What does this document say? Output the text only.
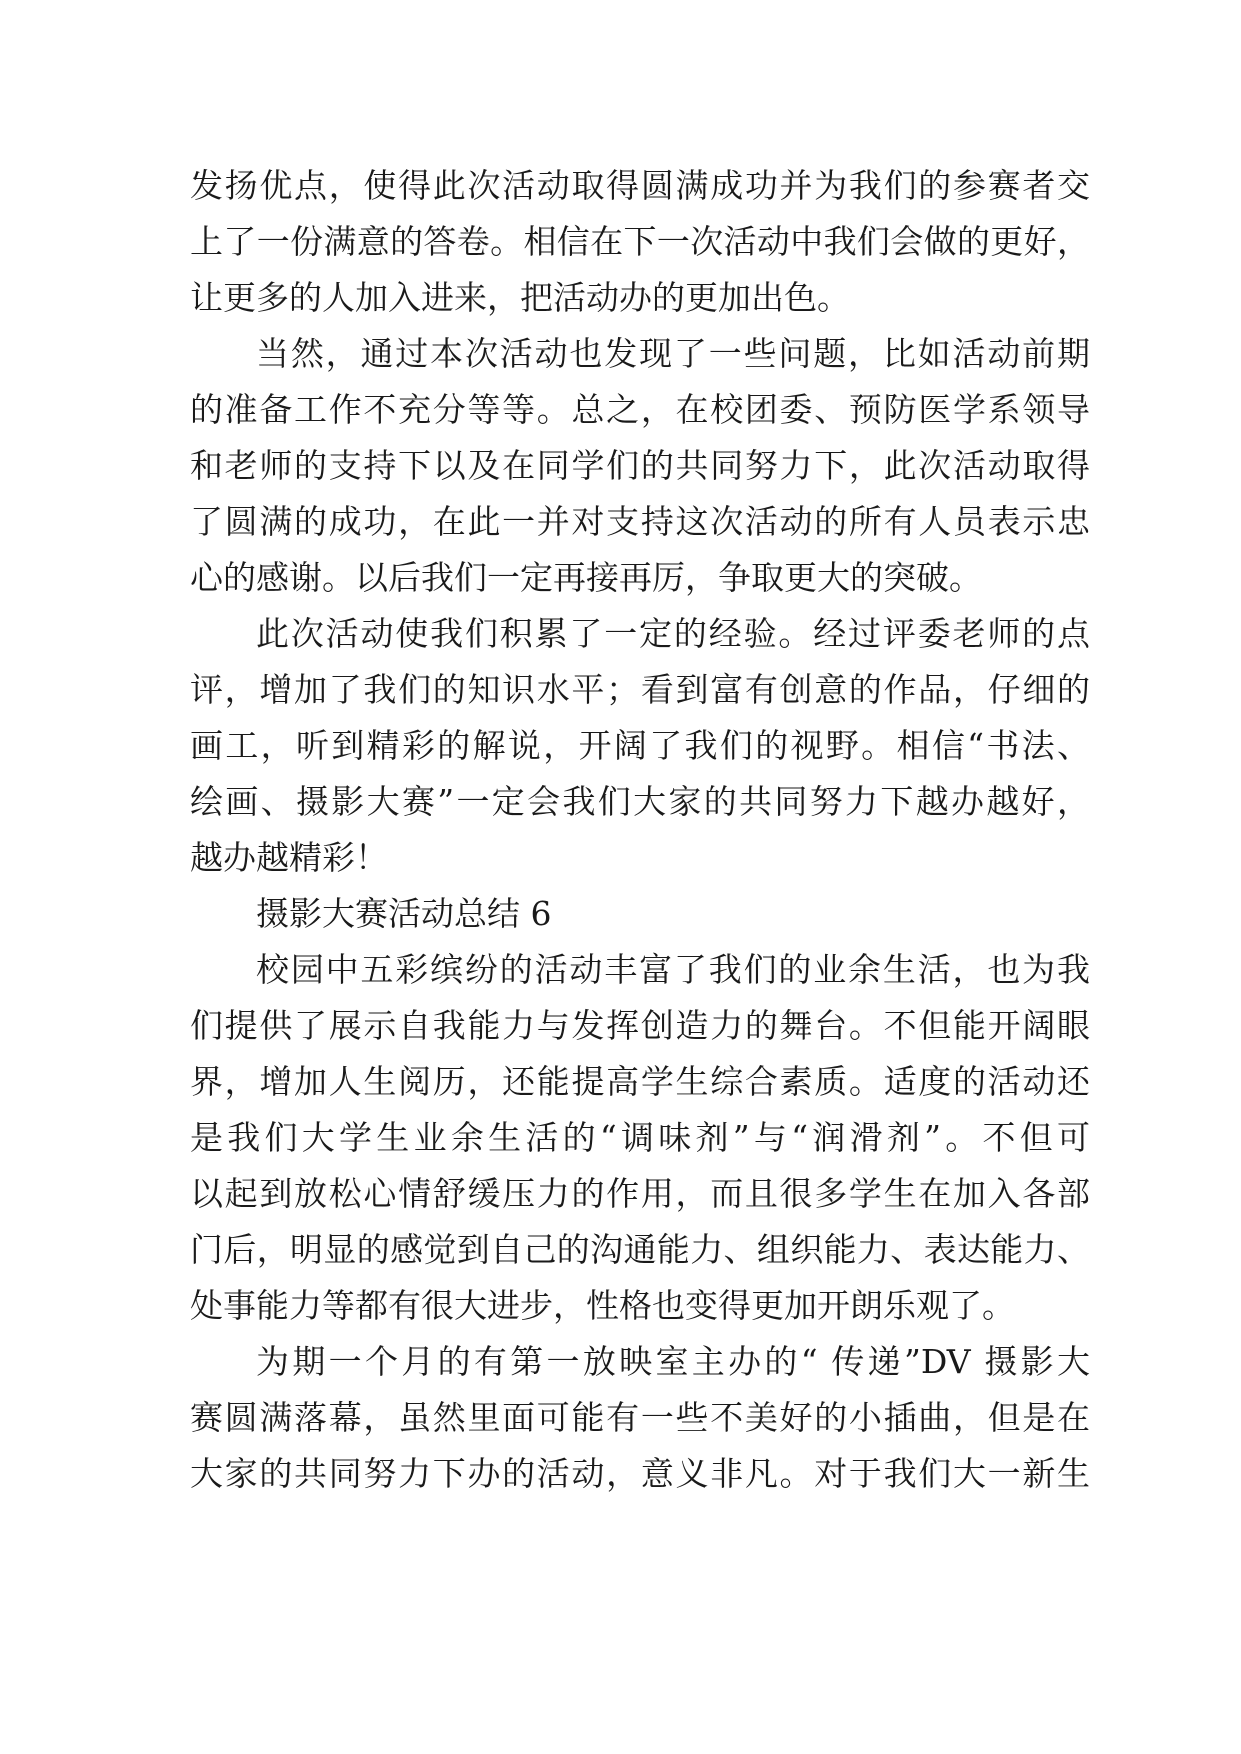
发扬优点，使得此次活动取得圆满成功并为我们的参赛者交
上了一份满意的答卷。相信在下一次活动中我们会做的更好，
让更多的人加入进来，把活动办的更加出色。
当然，通过本次活动也发现了一些问题，比如活动前期
的准备工作不充分等等。总之，在校团委、预防医学系领导
和老师的支持下以及在同学们的共同努力下，此次活动取得
了圆满的成功，在此一并对支持这次活动的所有人员表示忠
心的感谢。以后我们一定再接再厉，争取更大的突破。
此次活动使我们积累了一定的经验。经过评委老师的点
评，增加了我们的知识水平；看到富有创意的作品，仔细的
画工，听到精彩的解说，开阔了我们的视野。相信“书法、
绘画、摄影大赛”一定会我们大家的共同努力下越办越好，
越办越精彩！
摄影大赛活动总结 6
校园中五彩缤纷的活动丰富了我们的业余生活，也为我
们提供了展示自我能力与发挥创造力的舞台。不但能开阔眼
界，增加人生阅历，还能提高学生综合素质。适度的活动还
是我们大学生业余生活的“调味剂”与“润滑剂”。不但可
以起到放松心情舒缓压力的作用，而且很多学生在加入各部
门后，明显的感觉到自己的沟通能力、组织能力、表达能力、
处事能力等都有很大进步，性格也变得更加开朗乐观了。
为期一个月的有第一放映室主办的“ 传递”DV 摄影大
赛圆满落幕，虽然里面可能有一些不美好的小插曲，但是在
大家的共同努力下办的活动，意义非凡。对于我们大一新生
